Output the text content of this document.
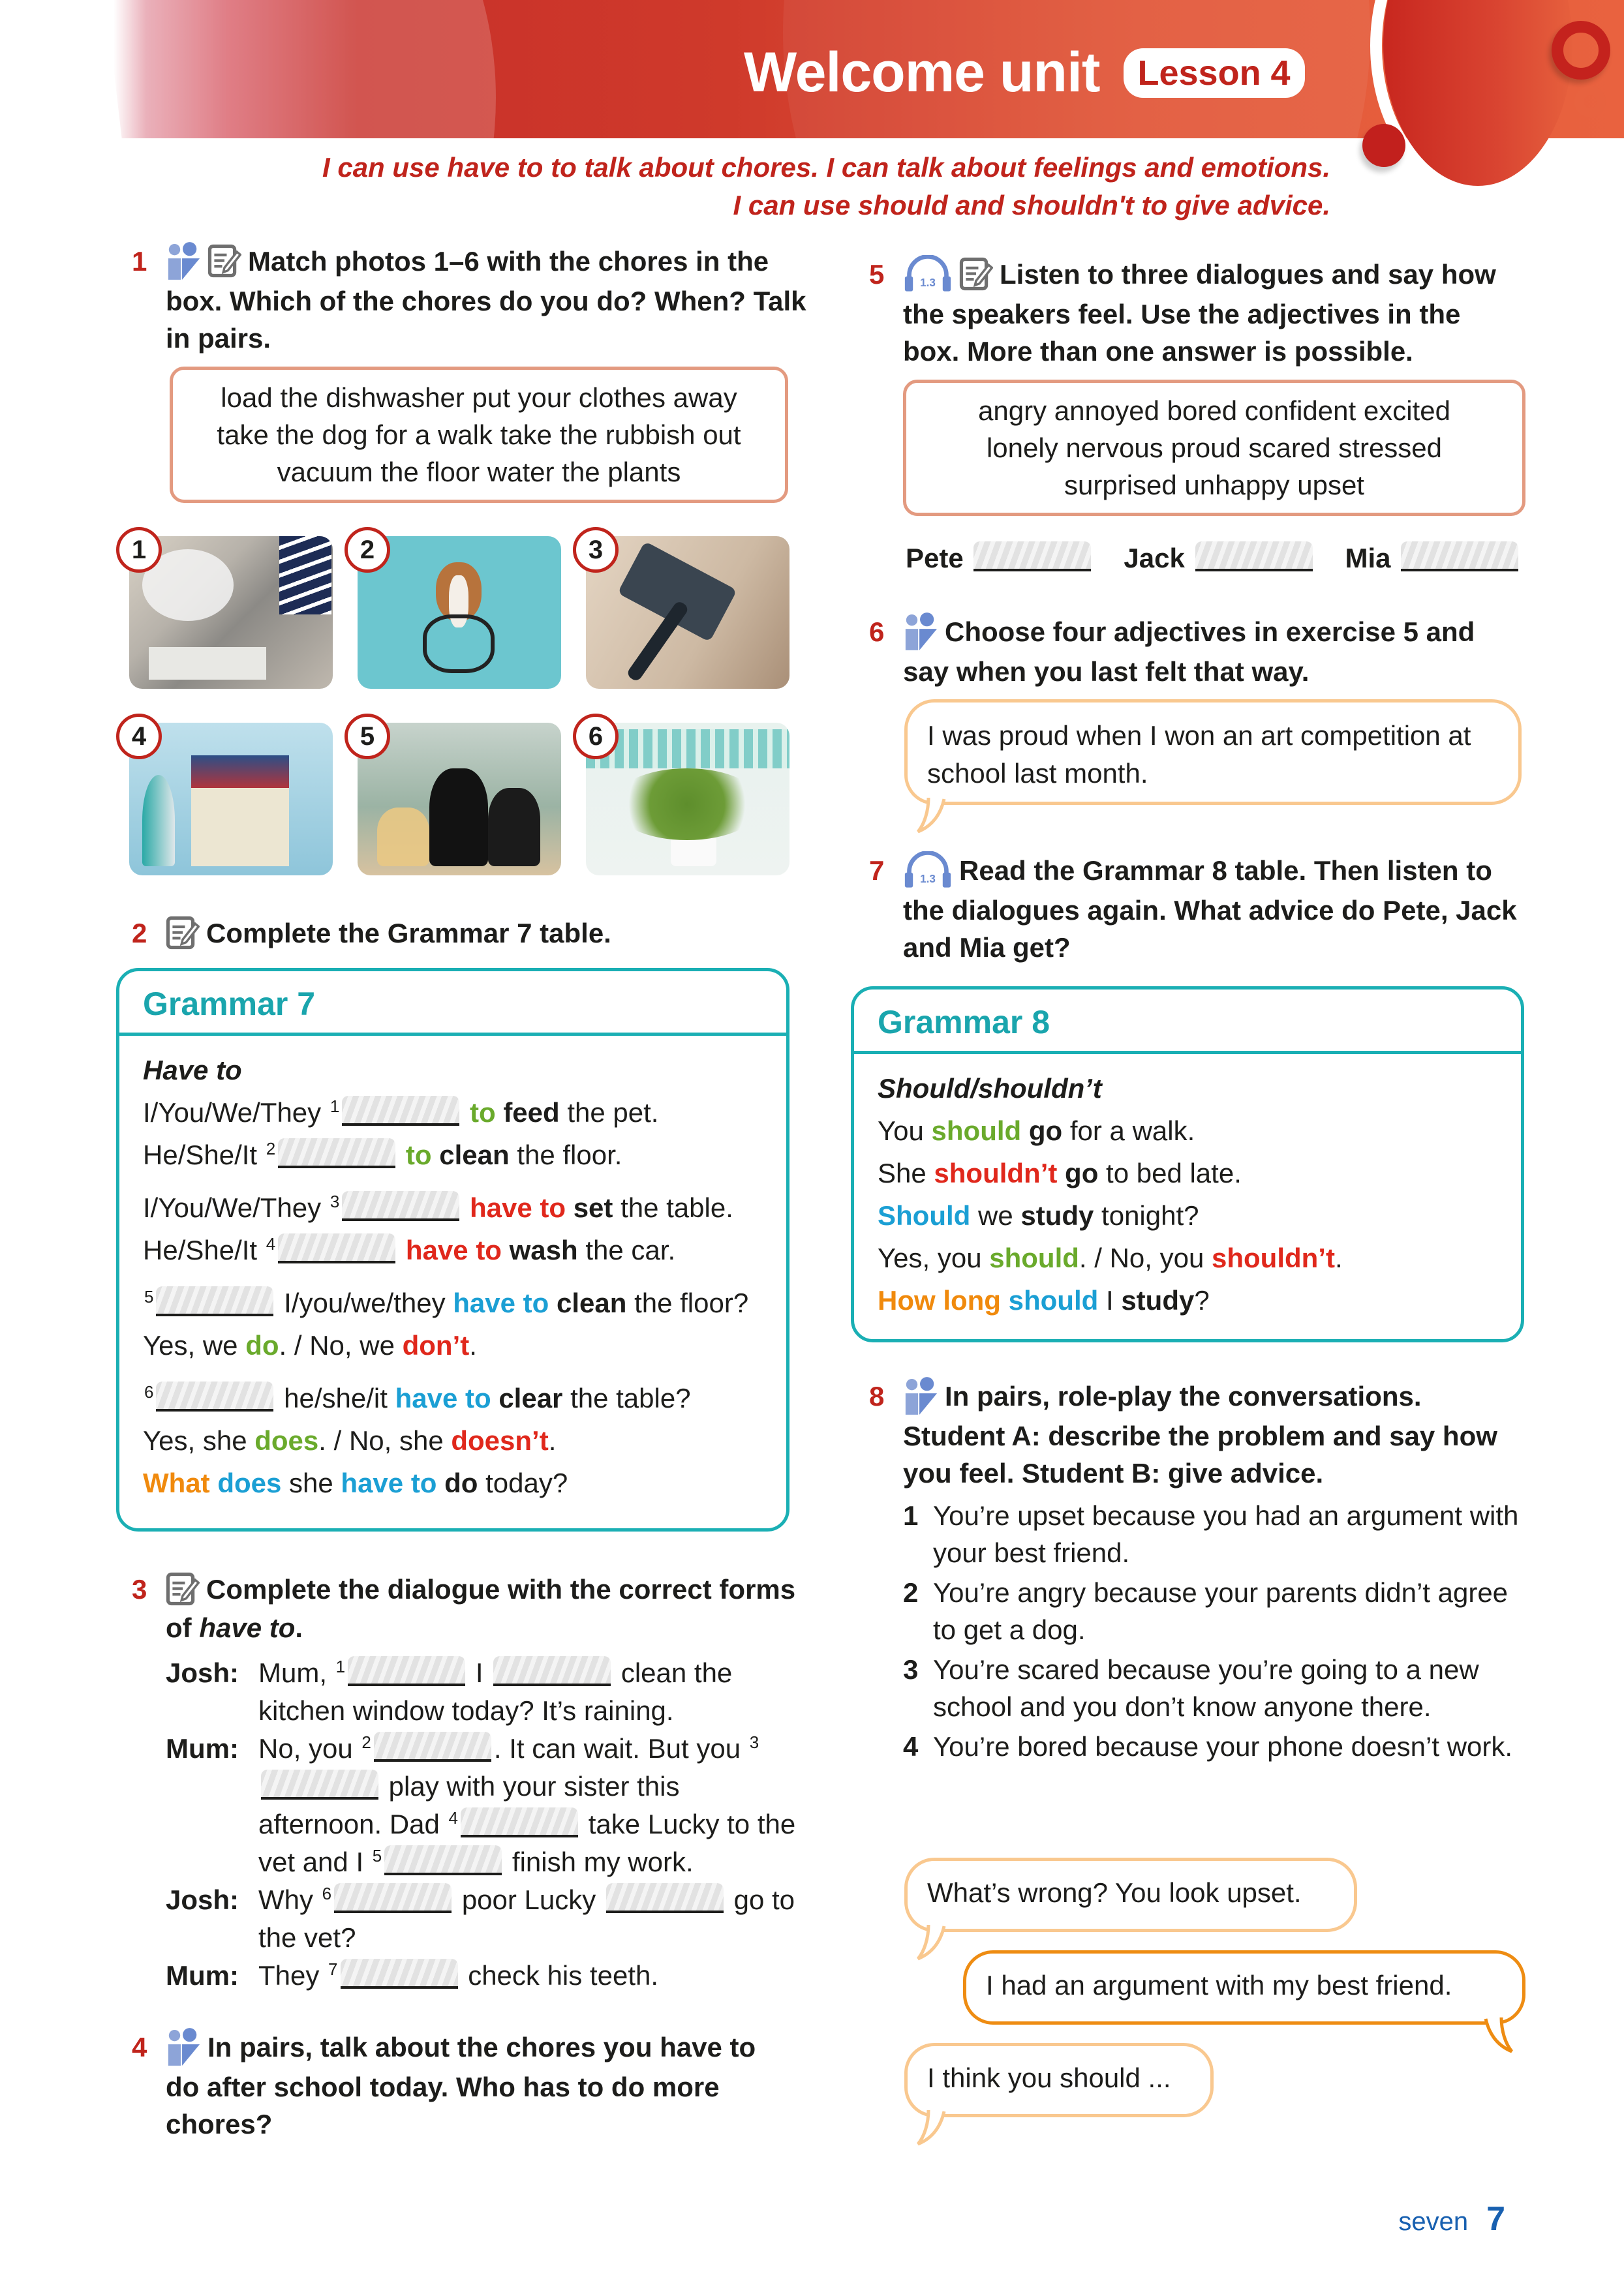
Welcome unit	Lesson 4
I can use have to to talk about chores. I can talk about feelings and emotions.
I can use should and shouldn't to give advice.
1	Match photos 1–6 with the chores in the box. Which of the chores do you do? When? Talk in pairs.
load the dishwasher put your clothes away
take the dog for a walk take the rubbish out
vacuum the floor water the plants
1	2	3
4	5	6
2	Complete the Grammar 7 table.
Grammar 7
Have to
I/You/We/They $^1$	to feed the pet.
He/She/It $^2$	to clean the floor.
I/You/We/They $^3$	have to set the table.
He/She/It $^4$	have to wash the car.
$^5$	I/you/we/they have to clean the floor?
Yes, we do. / No, we don’t.
$^6$	he/she/it have to clear the table?
Yes, she does. / No, she doesn’t.
What does she have to do today?
3	Complete the dialogue with the correct forms of have to.
Josh: Mum, $^1$	I	clean the kitchen window today? It’s raining.
Mum: No, you $^2$	. It can wait. But you $^3$ play with your sister this afternoon. Dad $^4$	take Lucky to the vet and I $^5$	finish my work.
Josh: Why $^6$	poor Lucky	go to the vet?
Mum: They $^7$	check his teeth.
4	In pairs, talk about the chores you have to do after school today. Who has to do more chores?
5	Listen to three dialogues and say how the speakers feel. Use the adjectives in the box. More than one answer is possible.
angry annoyed bored confident excited
lonely nervous proud scared stressed
surprised unhappy upset
Pete	Jack	Mia
6	Choose four adjectives in exercise 5 and say when you last felt that way.
I was proud when I won an art competition at school last month.
7	Read the Grammar 8 table. Then listen to the dialogues again. What advice do Pete, Jack and Mia get?
Grammar 8
Should/shouldn’t
You should go for a walk.
She shouldn’t go to bed late.
Should we study tonight?
Yes, you should. / No, you shouldn’t.
How long should I study?
8	In pairs, role-play the conversations. Student A: describe the problem and say how you feel. Student B: give advice.
1 You’re upset because you had an argument with your best friend.
2 You’re angry because your parents didn’t agree to get a dog.
3 You’re scared because you’re going to a new school and you don’t know anyone there.
4 You’re bored because your phone doesn’t work.
What’s wrong? You look upset.
I had an argument with my best friend.
I think you should ...
seven 7
